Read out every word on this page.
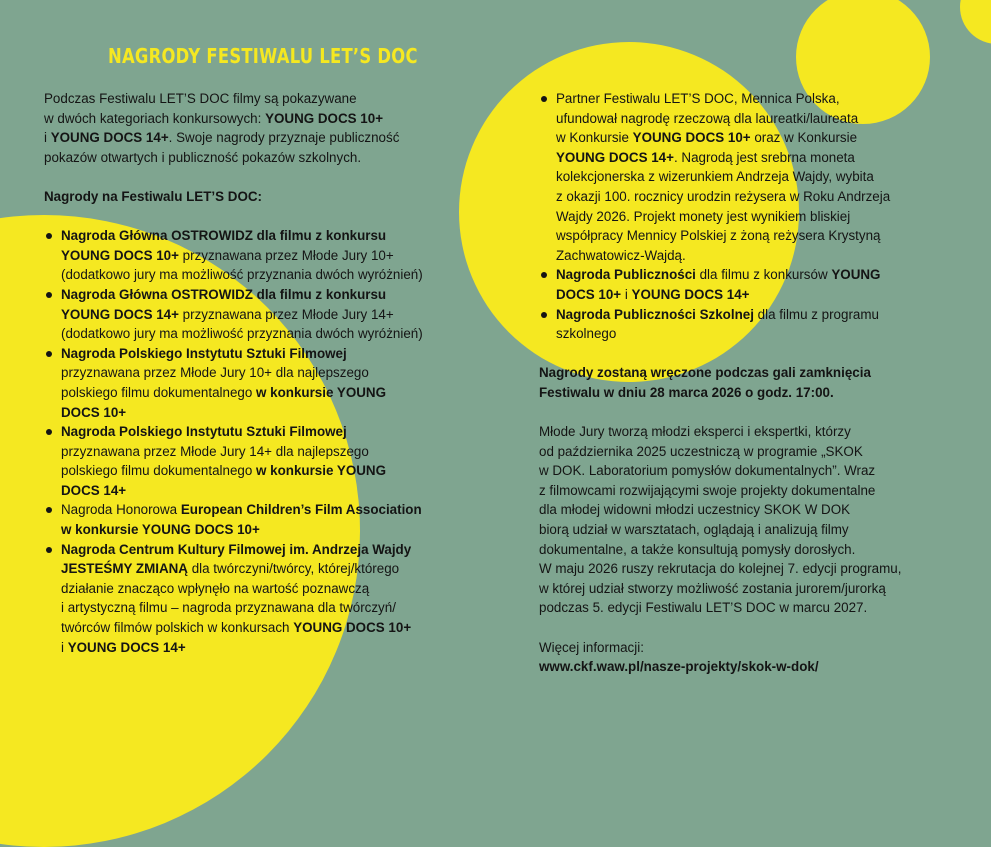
NAGRODY FESTIWALU LET’S DOC

Podczas Festiwalu LET’S DOC filmy są pokazywane
w dwóch kategoriach konkursowych: YOUNG DOCS 10+
i YOUNG DOCS 14+. Swoje nagrody przyznaje publiczność
pokazów otwartych i publiczność pokazów szkolnych.

Nagrody na Festiwalu LET’S DOC:

Nagroda Główna OSTROWIDZ dla filmu z konkursu
YOUNG DOCS 10+ przyznawana przez Młode Jury 10+
(dodatkowo jury ma możliwość przyznania dwóch wyróżnień)
Nagroda Główna OSTROWIDZ dla filmu z konkursu
YOUNG DOCS 14+ przyznawana przez Młode Jury 14+
(dodatkowo jury ma możliwość przyznania dwóch wyróżnień)
Nagroda Polskiego Instytutu Sztuki Filmowej
przyznawana przez Młode Jury 10+ dla najlepszego
polskiego filmu dokumentalnego w konkursie YOUNG
DOCS 10+
Nagroda Polskiego Instytutu Sztuki Filmowej
przyznawana przez Młode Jury 14+ dla najlepszego
polskiego filmu dokumentalnego w konkursie YOUNG
DOCS 14+
Nagroda Honorowa European Children’s Film Association
w konkursie YOUNG DOCS 10+
Nagroda Centrum Kultury Filmowej im. Andrzeja Wajdy
JESTEŚMY ZMIANĄ dla twórczyni/twórcy, której/którego
działanie znacząco wpłynęło na wartość poznawczą
i artystyczną filmu – nagroda przyznawana dla twórczyń/
twórców filmów polskich w konkursach YOUNG DOCS 10+
i YOUNG DOCS 14+
Partner Festiwalu LET’S DOC, Mennica Polska,
ufundował nagrodę rzeczową dla laureatki/laureata
w Konkursie YOUNG DOCS 10+ oraz w Konkursie
YOUNG DOCS 14+. Nagrodą jest srebrna moneta
kolekcjonerska z wizerunkiem Andrzeja Wajdy, wybita
z okazji 100. rocznicy urodzin reżysera w Roku Andrzeja
Wajdy 2026. Projekt monety jest wynikiem bliskiej
współpracy Mennicy Polskiej z żoną reżysera Krystyną
Zachwatowicz-Wajdą.
Nagroda Publiczności dla filmu z konkursów YOUNG
DOCS 10+ i YOUNG DOCS 14+
Nagroda Publiczności Szkolnej dla filmu z programu
szkolnego

Nagrody zostaną wręczone podczas gali zamknięcia
Festiwalu w dniu 28 marca 2026 o godz. 17:00.

Młode Jury tworzą młodzi eksperci i ekspertki, którzy
od października 2025 uczestniczą w programie „SKOK
w DOK. Laboratorium pomysłów dokumentalnych”. Wraz
z filmowcami rozwijającymi swoje projekty dokumentalne
dla młodej widowni młodzi uczestnicy SKOK W DOK
biorą udział w warsztatach, oglądają i analizują filmy
dokumentalne, a także konsultują pomysły dorosłych.
W maju 2026 ruszy rekrutacja do kolejnej 7. edycji programu,
w której udział stworzy możliwość zostania jurorem/jurorką
podczas 5. edycji Festiwalu LET’S DOC w marcu 2027.

Więcej informacji:
www.ckf.waw.pl/nasze-projekty/skok-w-dok/
